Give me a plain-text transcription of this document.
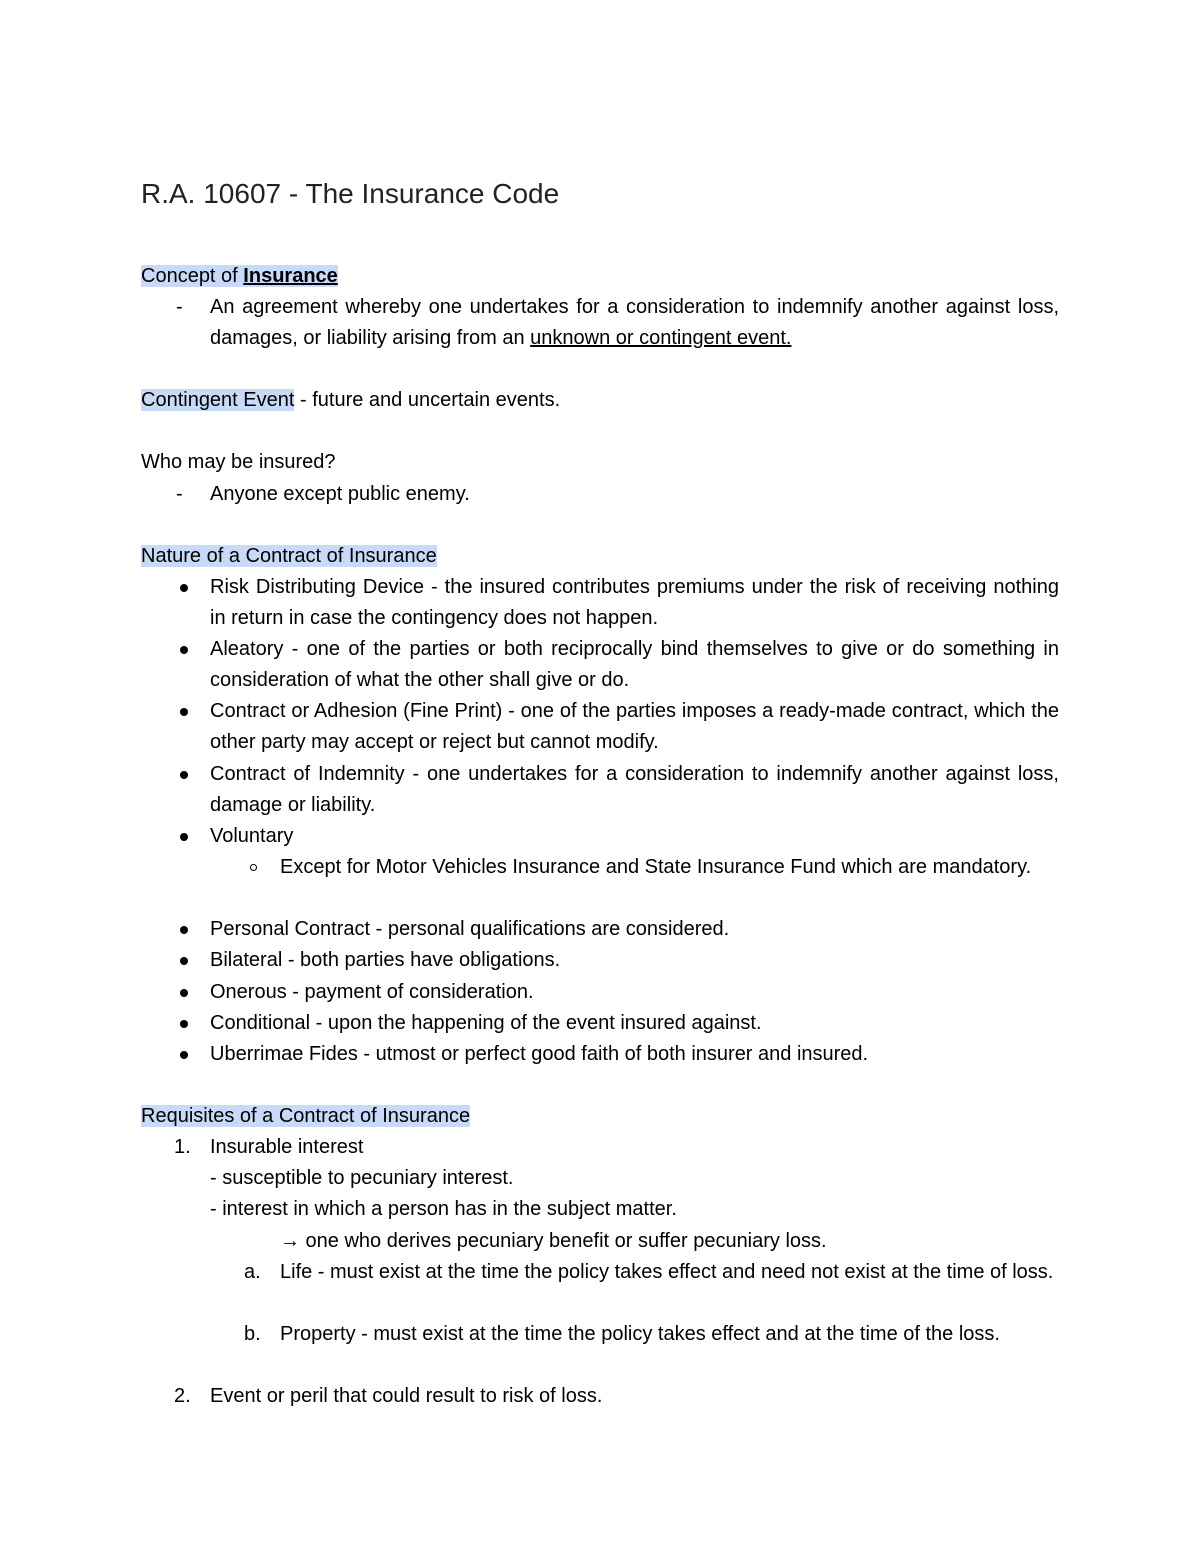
R.A. 10607 - The Insurance Code
Concept of Insurance
- An agreement whereby one undertakes for a consideration to indemnify another against loss, damages, or liability arising from an unknown or contingent event.
Contingent Event - future and uncertain events.
Who may be insured?
- Anyone except public enemy.
Nature of a Contract of Insurance
Risk Distributing Device - the insured contributes premiums under the risk of receiving nothing in return in case the contingency does not happen.
Aleatory - one of the parties or both reciprocally bind themselves to give or do something in consideration of what the other shall give or do.
Contract or Adhesion (Fine Print) - one of the parties imposes a ready-made contract, which the other party may accept or reject but cannot modify.
Contract of Indemnity - one undertakes for a consideration to indemnify another against loss, damage or liability.
Voluntary
Except for Motor Vehicles Insurance and State Insurance Fund which are mandatory.
Personal Contract - personal qualifications are considered.
Bilateral - both parties have obligations.
Onerous - payment of consideration.
Conditional - upon the happening of the event insured against.
Uberrimae Fides - utmost or perfect good faith of both insurer and insured.
Requisites of a Contract of Insurance
1. Insurable interest
- susceptible to pecuniary interest.
- interest in which a person has in the subject matter.
→ one who derives pecuniary benefit or suffer pecuniary loss.
a. Life - must exist at the time the policy takes effect and need not exist at the time of loss.
b. Property - must exist at the time the policy takes effect and at the time of the loss.
2. Event or peril that could result to risk of loss.
